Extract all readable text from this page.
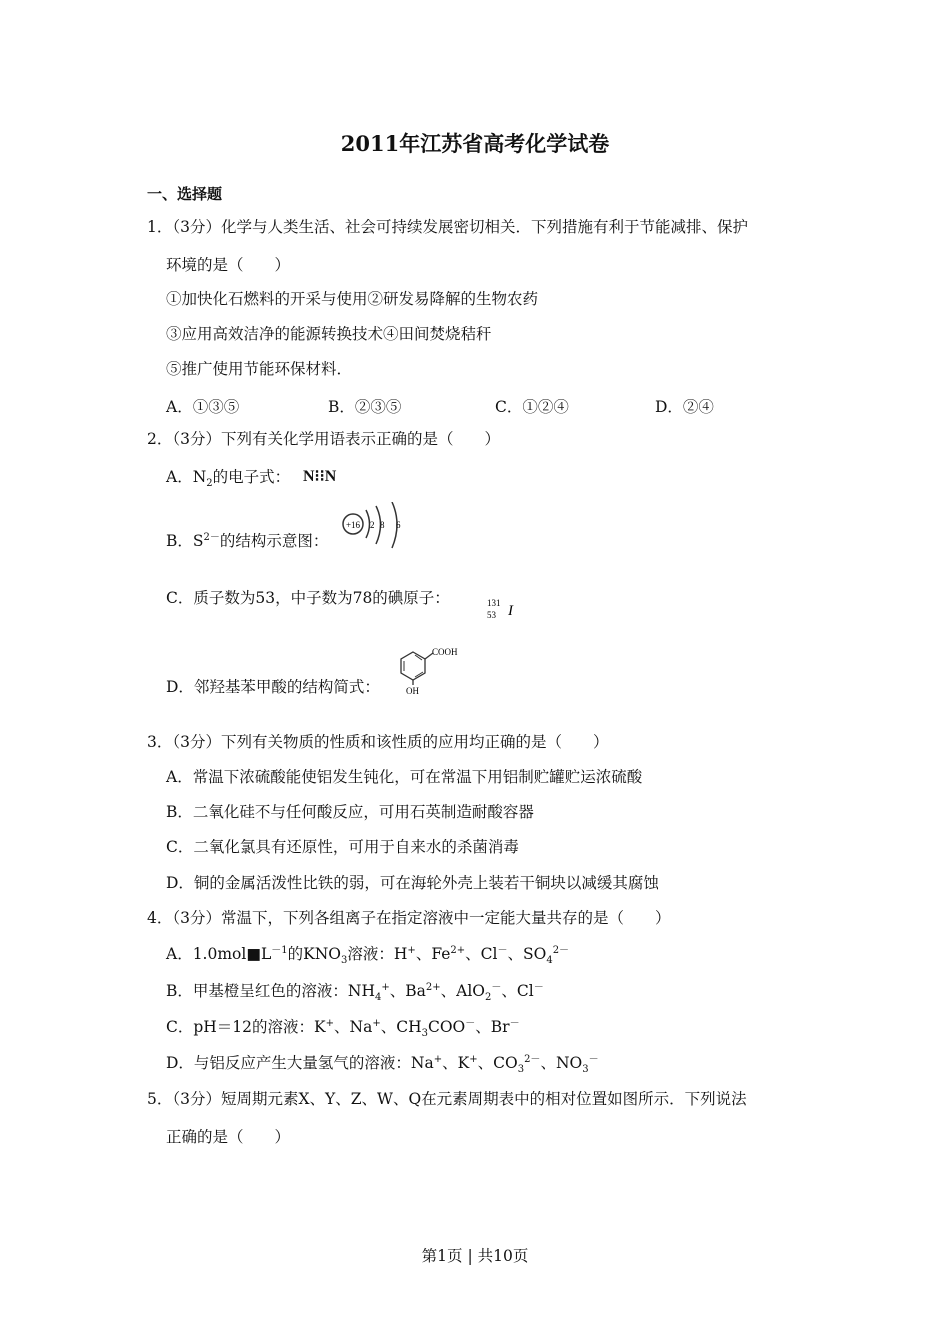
2011年江苏省高考化学试卷
一、选择题
1．（3分）化学与人类生活、社会可持续发展密切相关．下列措施有利于节能减排、保护
环境的是（　　）
①加快化石燃料的开采与使用②研发易降解的生物农药
③应用高效洁净的能源转换技术④田间焚烧秸秆
⑤推广使用节能环保材料．
2．（3分）下列有关化学用语表示正确的是（　　）
A．$N_2$的电子式：
B．$S^{2-}$的结构示意图：
C．质子数为53，中子数为78的碘原子：
D．邻羟基苯甲酸的结构简式：
3．（3分）下列有关物质的性质和该性质的应用均正确的是（　　）
A．常温下浓硫酸能使铝发生钝化，可在常温下用铝制贮罐贮运浓硫酸
B．二氧化硅不与任何酸反应，可用石英制造耐酸容器
C．二氧化氯具有还原性，可用于自来水的杀菌消毒
D．铜的金属活泼性比铁的弱，可在海轮外壳上装若干铜块以减缓其腐蚀
4．（3分）常温下，下列各组离子在指定溶液中一定能大量共存的是（　　）
A．$1.0mol■L^{-1}$的$KNO_3$溶液：H+、$Fe^{2+}$、Cl－、$SO_4^{2-}$
B．甲基橙呈红色的溶液：$NH_4^+$、$Ba^{2+}$、AlO$_2$－、Cl－
C．pH＝12的溶液：K+、Na+、$CH_3COO^-$、Br－
D．与铝反应产生大量氢气的溶液：Na+、K+、$CO_3^{2-}$、$NO_3^-$
5．（3分）短周期元素X、Y、Z、W、Q在元素周期表中的相对位置如图所示．下列说法
正确的是（　　）
A．①③⑤	B．②③⑤	C．①②④	D．②④
N⁝⁝N
+16 2 8 6
131
53 I
COOH
OH
第1页 | 共10页
